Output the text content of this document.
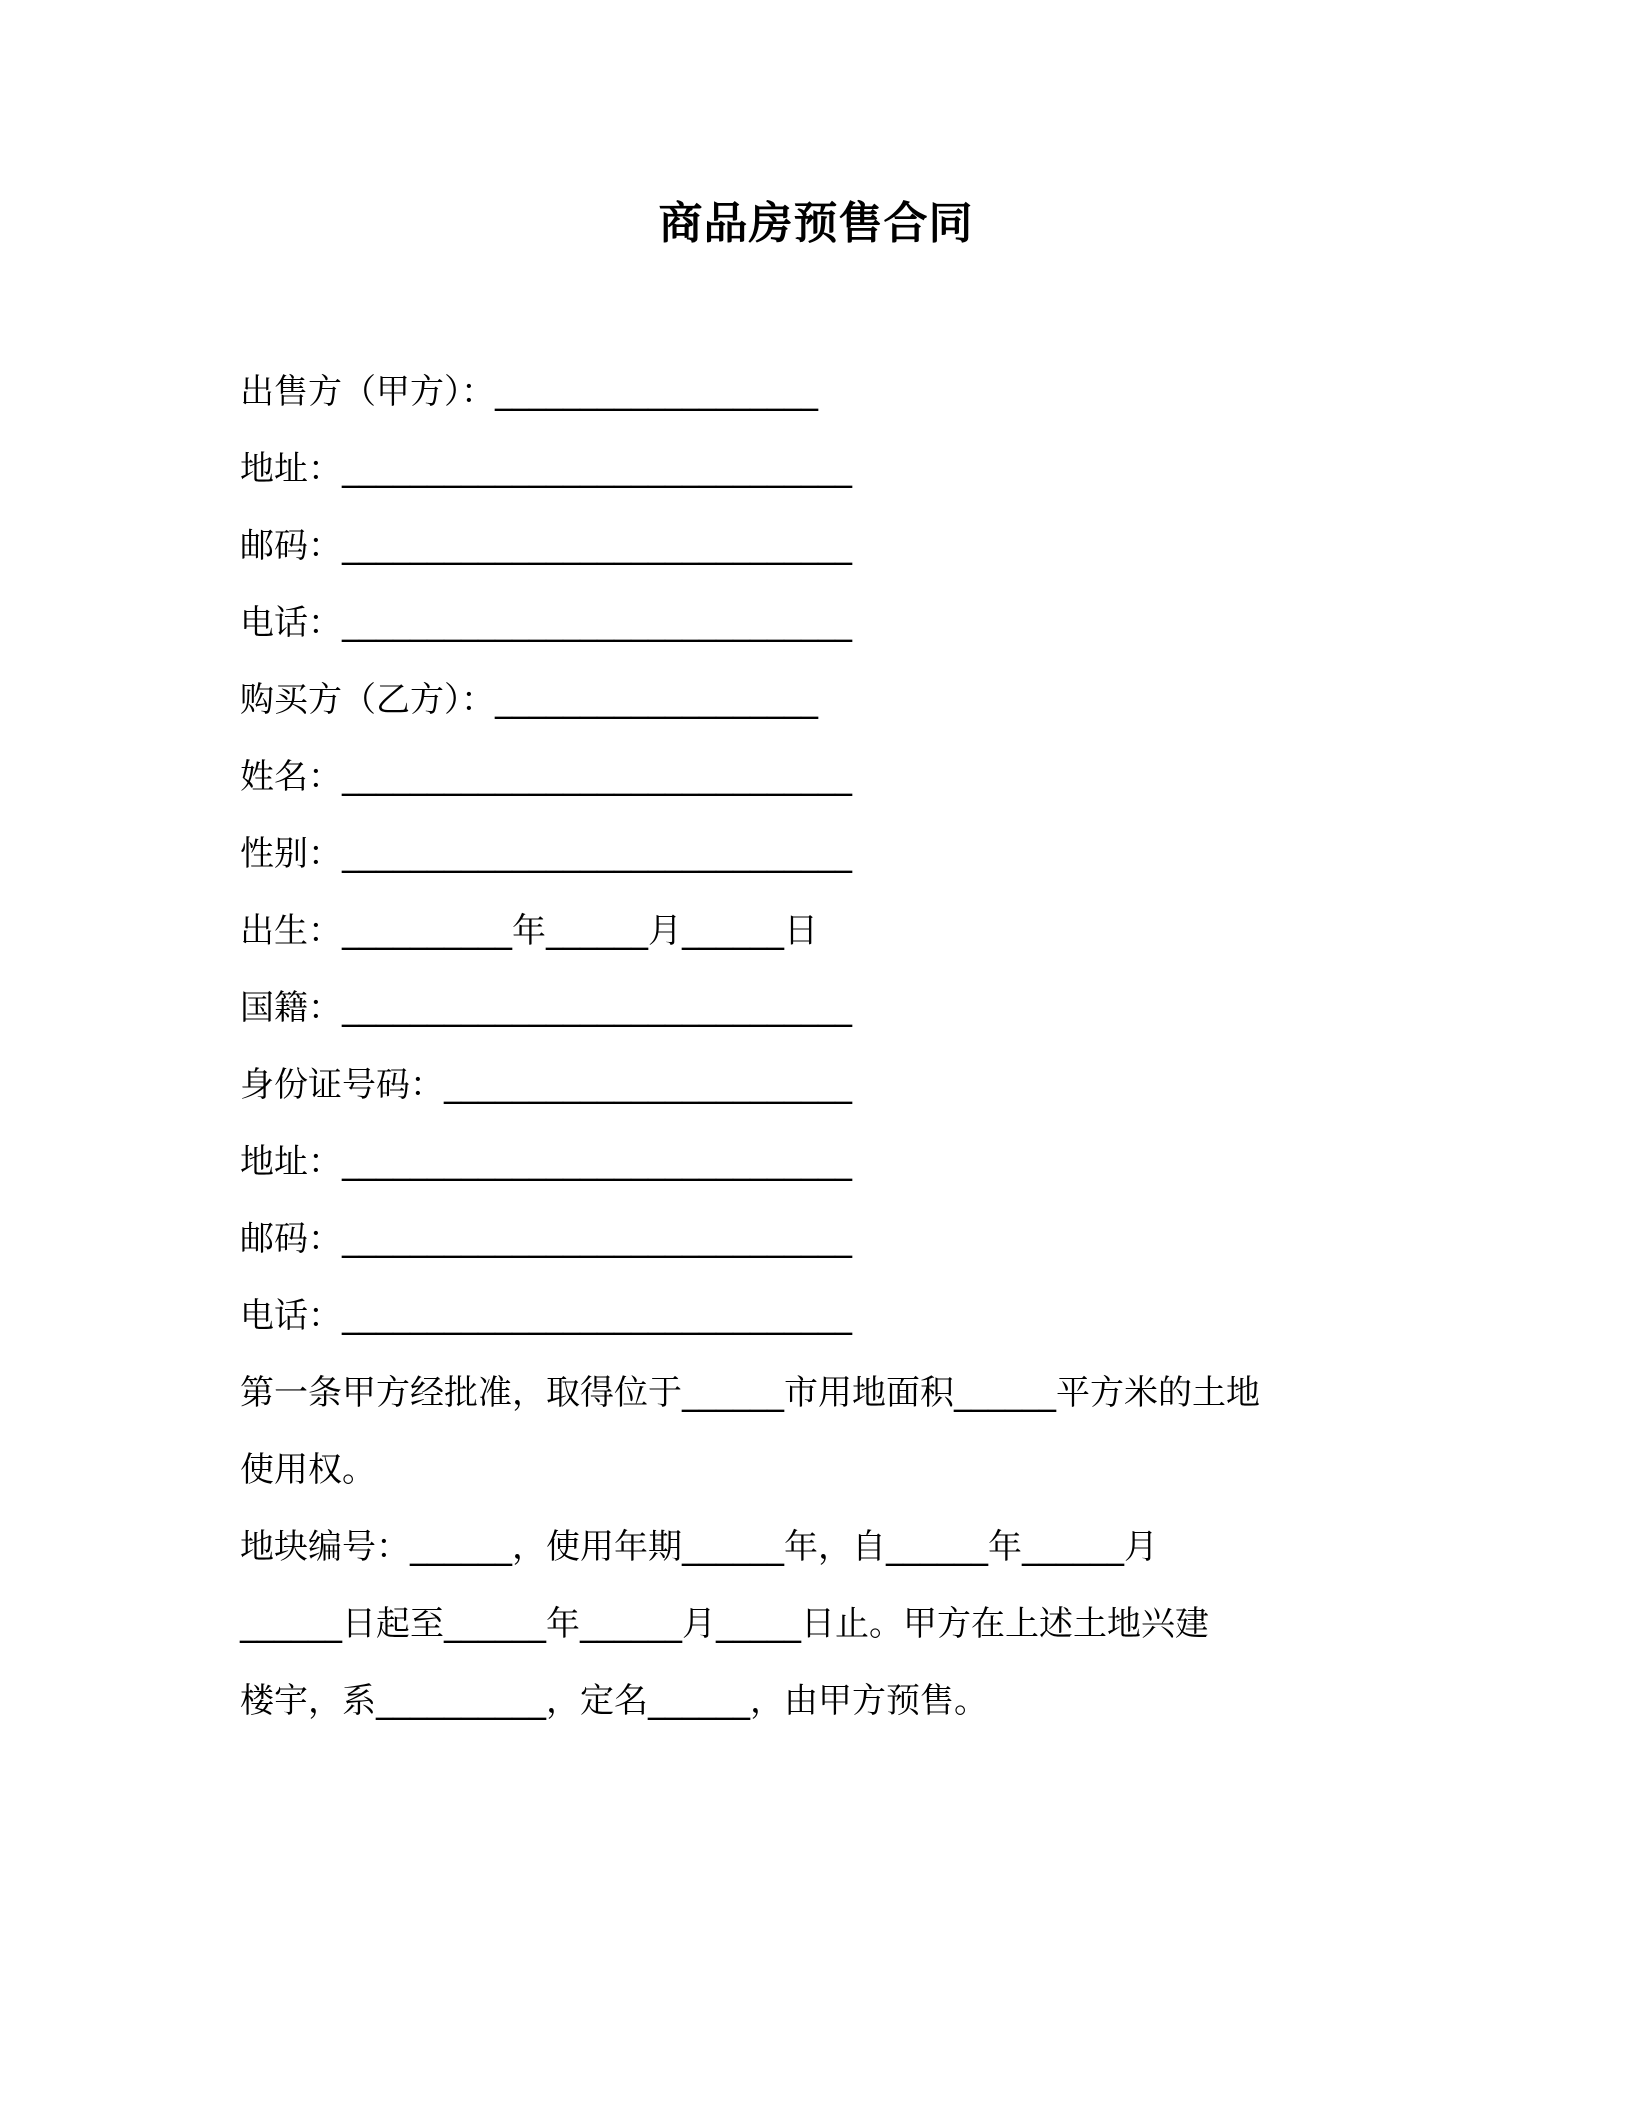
商品房预售合同
出售方（甲方）：___________________
地址：______________________________
邮码：______________________________
电话：______________________________
购买方（乙方）：___________________
姓名：______________________________
性别：______________________________
出生：__________年______月______日
国籍：______________________________
身份证号码：________________________
地址：______________________________
邮码：______________________________
电话：______________________________
第一条甲方经批准，取得位于______市用地面积______平方米的土地
使用权。
地块编号：______，使用年期______年，自______年______月
______日起至______年______月_____日止。甲方在上述土地兴建
楼宇，系__________，定名______，由甲方预售。
